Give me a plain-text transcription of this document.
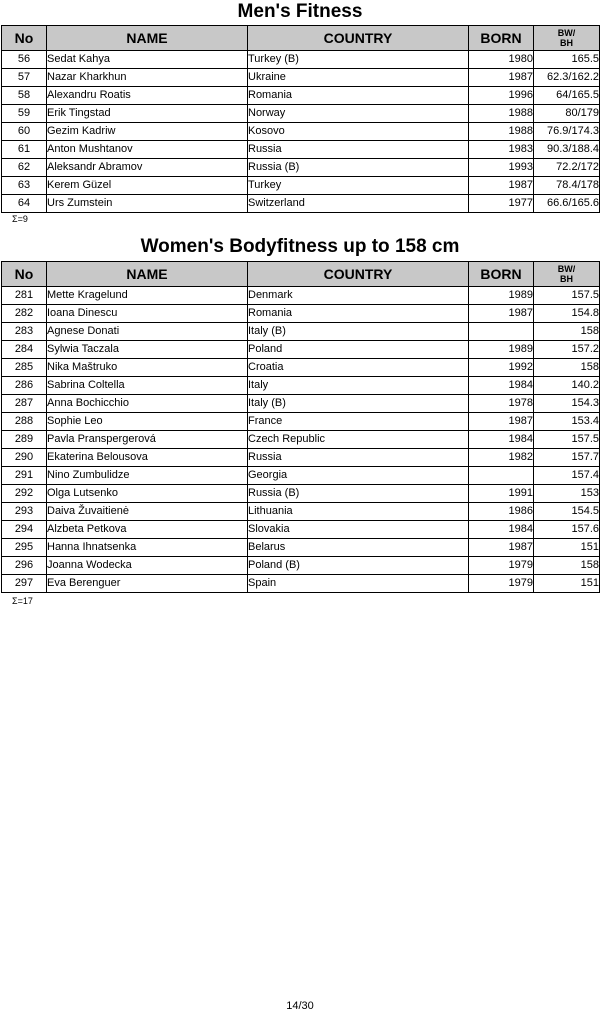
Men's Fitness
No	NAME	COUNTRY	BORN	BW/
BH
56	Sedat Kahya	Turkey (B)	1980	165.5
57	Nazar Kharkhun	Ukraine	1987	62.3/162.2
58	Alexandru Roatis	Romania	1996	64/165.5
59	Erik Tingstad	Norway	1988	80/179
60	Gezim Kadriw	Kosovo	1988	76.9/174.3
61	Anton Mushtanov	Russia	1983	90.3/188.4
62	Aleksandr Abramov	Russia (B)	1993	72.2/172
63	Kerem Güzel	Turkey	1987	78.4/178
64	Urs Zumstein	Switzerland	1977	66.6/165.6
Σ=9
Women's Bodyfitness up to 158 cm
No	NAME	COUNTRY	BORN	BW/
BH
281	Mette Kragelund	Denmark	1989	157.5
282	Ioana Dinescu	Romania	1987	154.8
283	Agnese Donati	Italy (B)		158
284	Sylwia Taczala	Poland	1989	157.2
285	Nika Maštruko	Croatia	1992	158
286	Sabrina Coltella	Italy	1984	140.2
287	Anna Bochicchio	Italy (B)	1978	154.3
288	Sophie Leo	France	1987	153.4
289	Pavla Pranspergerová	Czech Republic	1984	157.5
290	Ekaterina Belousova	Russia	1982	157.7
291	Nino Zumbulidze	Georgia		157.4
292	Olga Lutsenko	Russia (B)	1991	153
293	Daiva Žuvaitienė	Lithuania	1986	154.5
294	Alzbeta Petkova	Slovakia	1984	157.6
295	Hanna Ihnatsenka	Belarus	1987	151
296	Joanna Wodecka	Poland (B)	1979	158
297	Eva Berenguer	Spain	1979	151
Σ=17
14/30
